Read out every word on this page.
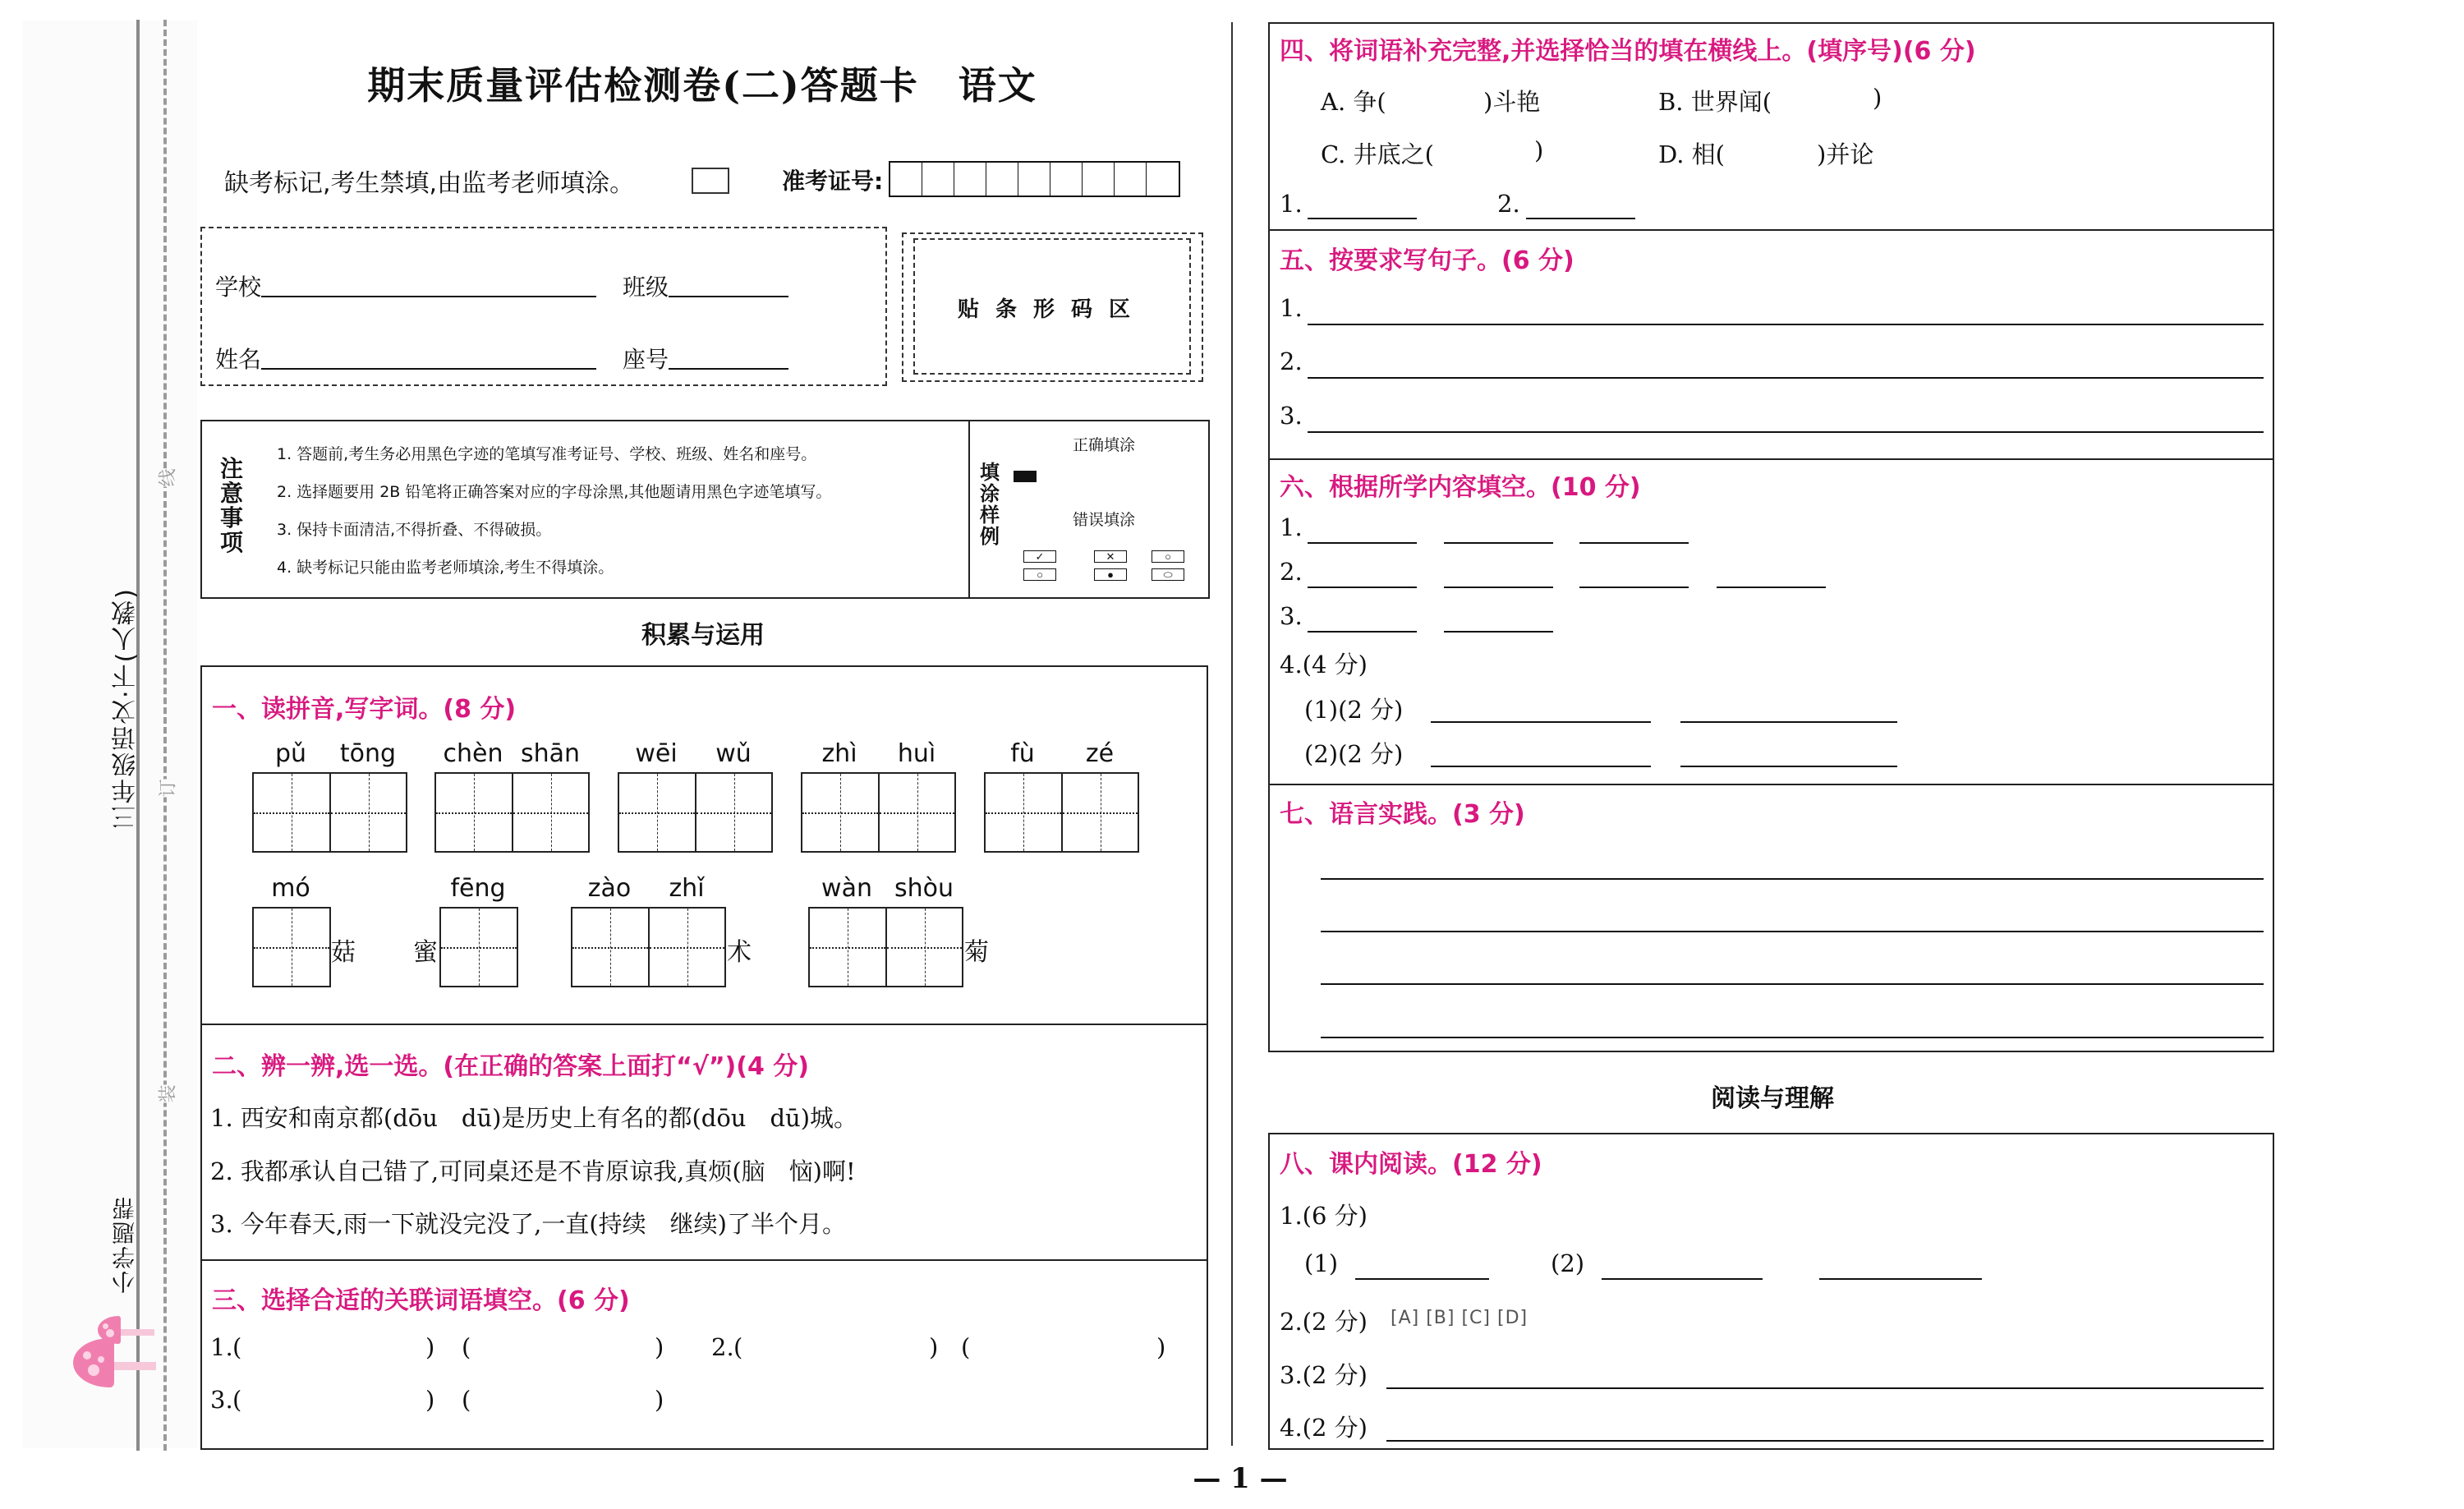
线
订
装
三年级语文·下(人教)
小学题帮
期末质量评估检测卷(二)答题卡　语文
缺考标记,考生禁填,由监考老师填涂。	准考证号:
学校	班级
姓名	座号
贴条形码区
注意事项
1. 答题前,考生务必用黑色字迹的笔填写准考证号、学校、班级、姓名和座号。
2. 选择题要用 2B 铅笔将正确答案对应的字母涂黑,其他题请用黑色字迹笔填写。
3. 保持卡面清洁,不得折叠、不得破损。
4. 缺考标记只能由监考老师填涂,考生不得填涂。
填涂样例
正确填涂
错误填涂
✓	✕	○
○	●	⬭
积累与运用
一、读拼音,写字词。(8 分)
pǔ	tōng	chèn shān	wēi	wǔ	zhì	huì	fù	zé
mó
菇 蜜
fēng	zào	zhǐ
术
wàn shòu
菊
二、辨一辨,选一选。(在正确的答案上面打“√”)(4 分)
1. 西安和南京都(dōu　dū)是历史上有名的都(dōu　dū)城。
2. 我都承认自己错了,可同桌还是不肯原谅我,真烦(脑　恼)啊!
3. 今年春天,雨一下就没完没了,一直(持续　继续)了半个月。
三、选择合适的关联词语填空。(6 分)
1. (	) (	) 2. (	) (	)
3. (	) (	)
四、将词语补充完整,并选择恰当的填在横线上。(填序号)(6 分)
A. 争(	)斗艳	B. 世界闻(	)
C. 井底之(	)	D. 相(	)并论
1.	2.
五、按要求写句子。(6 分)
1.
2.
3.
六、根据所学内容填空。(10 分)
1.
2.
3.
4.(4 分)
(1)(2 分)
(2)(2 分)
七、语言实践。(3 分)
阅读与理解
八、课内阅读。(12 分)
1.(6 分)
(1)	(2)
2.(2 分) [A] [B] [C] [D]
3.(2 分)
4.(2 分)
— 1 —
